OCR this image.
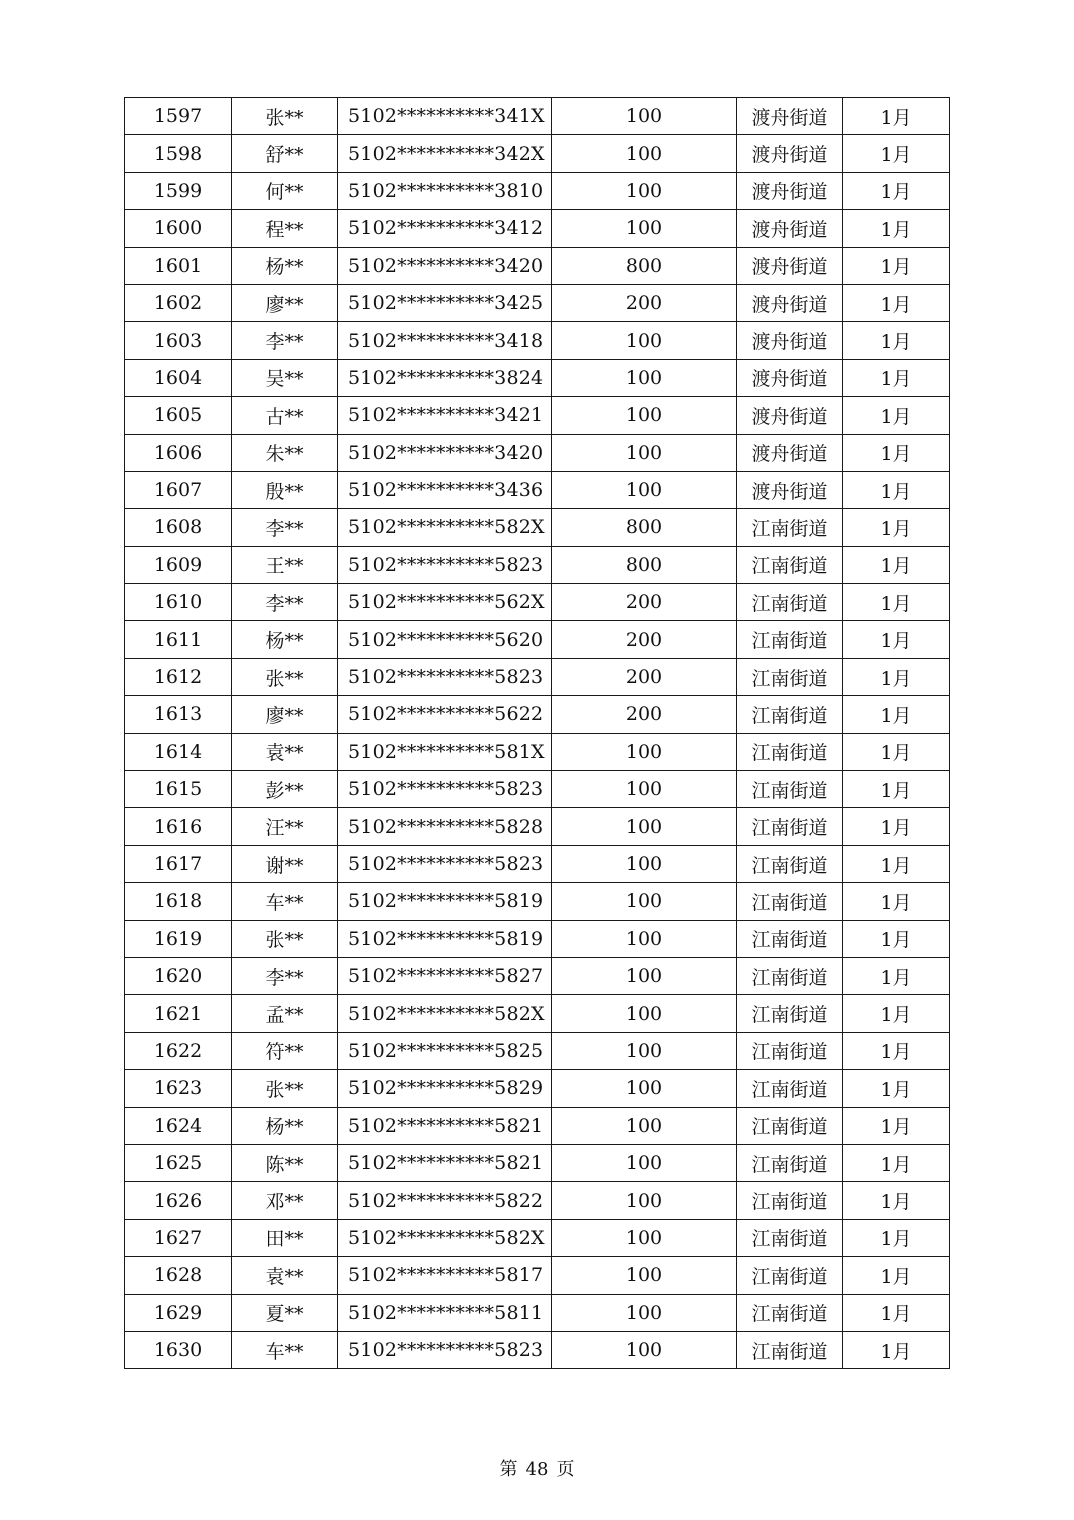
1597	张**	5102**********341X	100	渡舟街道	1月
1598	舒**	5102**********342X	100	渡舟街道	1月
1599	何**	5102**********3810	100	渡舟街道	1月
1600	程**	5102**********3412	100	渡舟街道	1月
1601	杨**	5102**********3420	800	渡舟街道	1月
1602	廖**	5102**********3425	200	渡舟街道	1月
1603	李**	5102**********3418	100	渡舟街道	1月
1604	吴**	5102**********3824	100	渡舟街道	1月
1605	古**	5102**********3421	100	渡舟街道	1月
1606	朱**	5102**********3420	100	渡舟街道	1月
1607	殷**	5102**********3436	100	渡舟街道	1月
1608	李**	5102**********582X	800	江南街道	1月
1609	王**	5102**********5823	800	江南街道	1月
1610	李**	5102**********562X	200	江南街道	1月
1611	杨**	5102**********5620	200	江南街道	1月
1612	张**	5102**********5823	200	江南街道	1月
1613	廖**	5102**********5622	200	江南街道	1月
1614	袁**	5102**********581X	100	江南街道	1月
1615	彭**	5102**********5823	100	江南街道	1月
1616	汪**	5102**********5828	100	江南街道	1月
1617	谢**	5102**********5823	100	江南街道	1月
1618	车**	5102**********5819	100	江南街道	1月
1619	张**	5102**********5819	100	江南街道	1月
1620	李**	5102**********5827	100	江南街道	1月
1621	孟**	5102**********582X	100	江南街道	1月
1622	符**	5102**********5825	100	江南街道	1月
1623	张**	5102**********5829	100	江南街道	1月
1624	杨**	5102**********5821	100	江南街道	1月
1625	陈**	5102**********5821	100	江南街道	1月
1626	邓**	5102**********5822	100	江南街道	1月
1627	田**	5102**********582X	100	江南街道	1月
1628	袁**	5102**********5817	100	江南街道	1月
1629	夏**	5102**********5811	100	江南街道	1月
1630	车**	5102**********5823	100	江南街道	1月
第 48 页
